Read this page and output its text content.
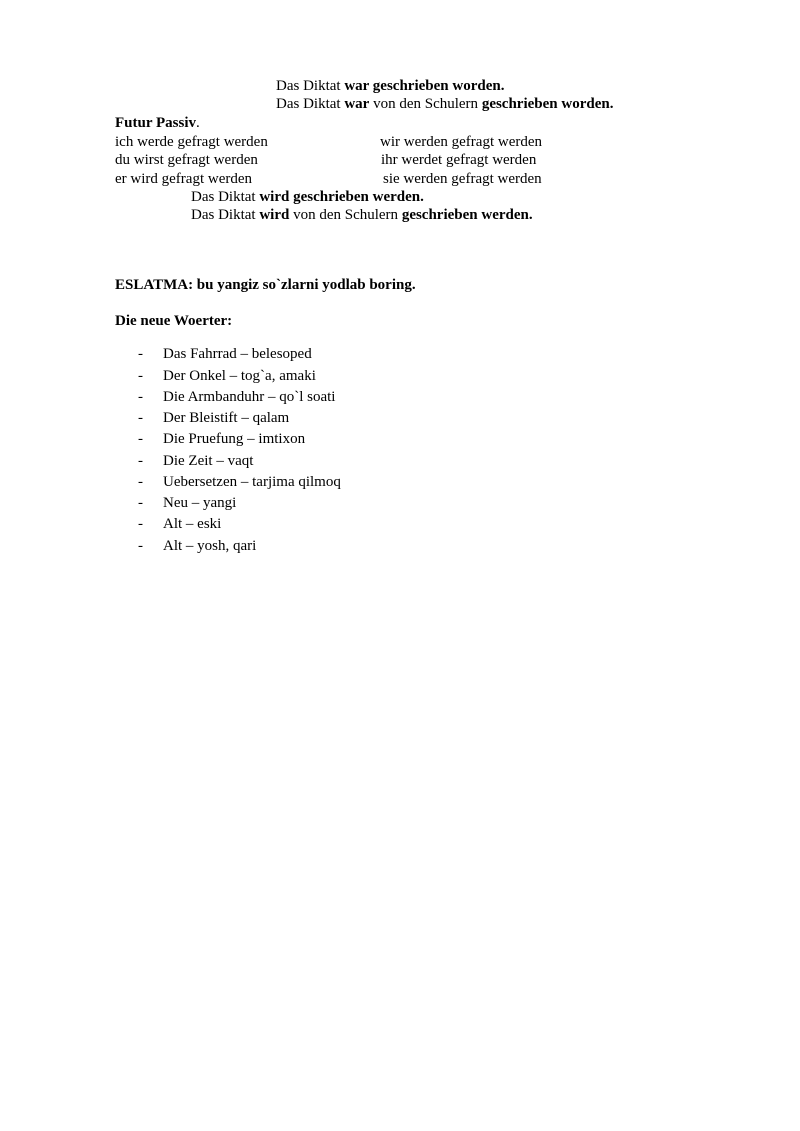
Das Diktat war geschrieben worden.
Das Diktat war von den Schulern geschrieben worden.
Futur Passiv.
ich werde gefragt werden	wir werden gefragt werden
du wirst gefragt werden	ihr werdet gefragt werden
er wird gefragt werden	sie werden gefragt werden
Das Diktat wird geschrieben werden.
Das Diktat wird von den Schulern geschrieben werden.
ESLATMA: bu yangiz so`zlarni yodlab boring.
Die neue Woerter:
- Das Fahrrad – belesoped
- Der Onkel – tog`a, amaki
- Die Armbanduhr – qo`l soati
- Der Bleistift – qalam
- Die Pruefung – imtixon
- Die Zeit – vaqt
- Uebersetzen – tarjima qilmoq
- Neu – yangi
- Alt – eski
- Alt – yosh, qari
